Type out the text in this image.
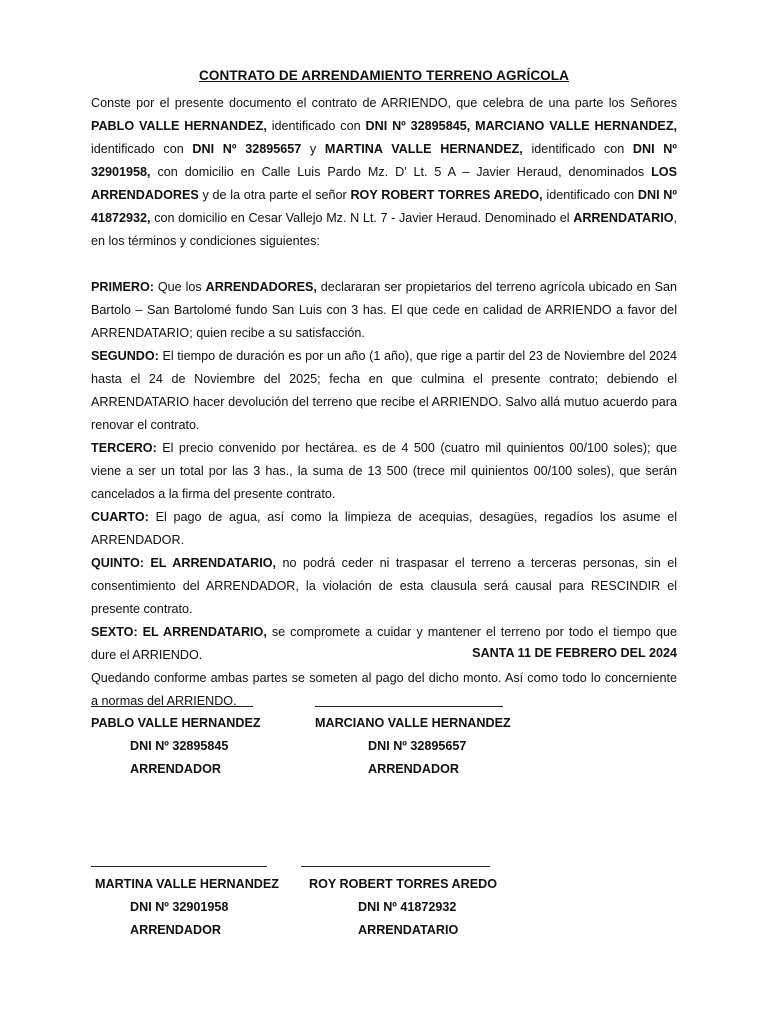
CONTRATO DE ARRENDAMIENTO TERRENO AGRÍCOLA

Conste por el presente documento el contrato de ARRIENDO, que celebra de una parte los Señores PABLO VALLE HERNANDEZ, identificado con DNI Nº 32895845, MARCIANO VALLE HERNANDEZ, identificado con DNI Nº 32895657 y MARTINA VALLE HERNANDEZ, identificado con DNI Nº 32901958, con domicilio en Calle Luis Pardo Mz. D’ Lt. 5 A – Javier Heraud, denominados LOS ARRENDADORES y de la otra parte el señor ROY ROBERT TORRES AREDO, identificado con DNI Nº 41872932, con domicilio en Cesar Vallejo Mz. N Lt. 7 - Javier Heraud. Denominado el ARRENDATARIO, en los términos y condiciones siguientes:

PRIMERO: Que los ARRENDADORES, declararan ser propietarios del terreno agrícola ubicado en San Bartolo – San Bartolomé fundo San Luis con 3 has. El que cede en calidad de ARRIENDO a favor del ARRENDATARIO; quien recibe a su satisfacción.

SEGUNDO: El tiempo de duración es por un año (1 año), que rige a partir del 23 de Noviembre del 2024 hasta el 24 de Noviembre del 2025; fecha en que culmina el presente contrato; debiendo el ARRENDATARIO hacer devolución del terreno que recibe el ARRIENDO. Salvo allá mutuo acuerdo para renovar el contrato.

TERCERO: El precio convenido por hectárea. es de 4 500 (cuatro mil quinientos 00/100 soles); que viene a ser un total por las 3 has., la suma de 13 500 (trece mil quinientos 00/100 soles), que serán cancelados a la firma del presente contrato.

CUARTO: El pago de agua, así como la limpieza de acequias, desagües, regadíos los asume el ARRENDADOR.

QUINTO: EL ARRENDATARIO, no podrá ceder ni traspasar el terreno a terceras personas, sin el consentimiento del ARRENDADOR, la violación de esta clausula será causal para RESCINDIR el presente contrato.

SEXTO: EL ARRENDATARIO, se compromete a cuidar y mantener el terreno por todo el tiempo que dure el ARRIENDO.

Quedando conforme ambas partes se someten al pago del dicho monto. Así como todo lo concerniente a normas del ARRIENDO.

SANTA 11 DE FEBRERO DEL 2024
PABLO VALLE HERNANDEZ
DNI Nº 32895845
ARRENDADOR
MARCIANO VALLE HERNANDEZ
DNI Nº 32895657
ARRENDADOR
MARTINA VALLE HERNANDEZ
DNI Nº 32901958
ARRENDADOR
ROY ROBERT TORRES AREDO
DNI Nº 41872932
ARRENDATARIO
